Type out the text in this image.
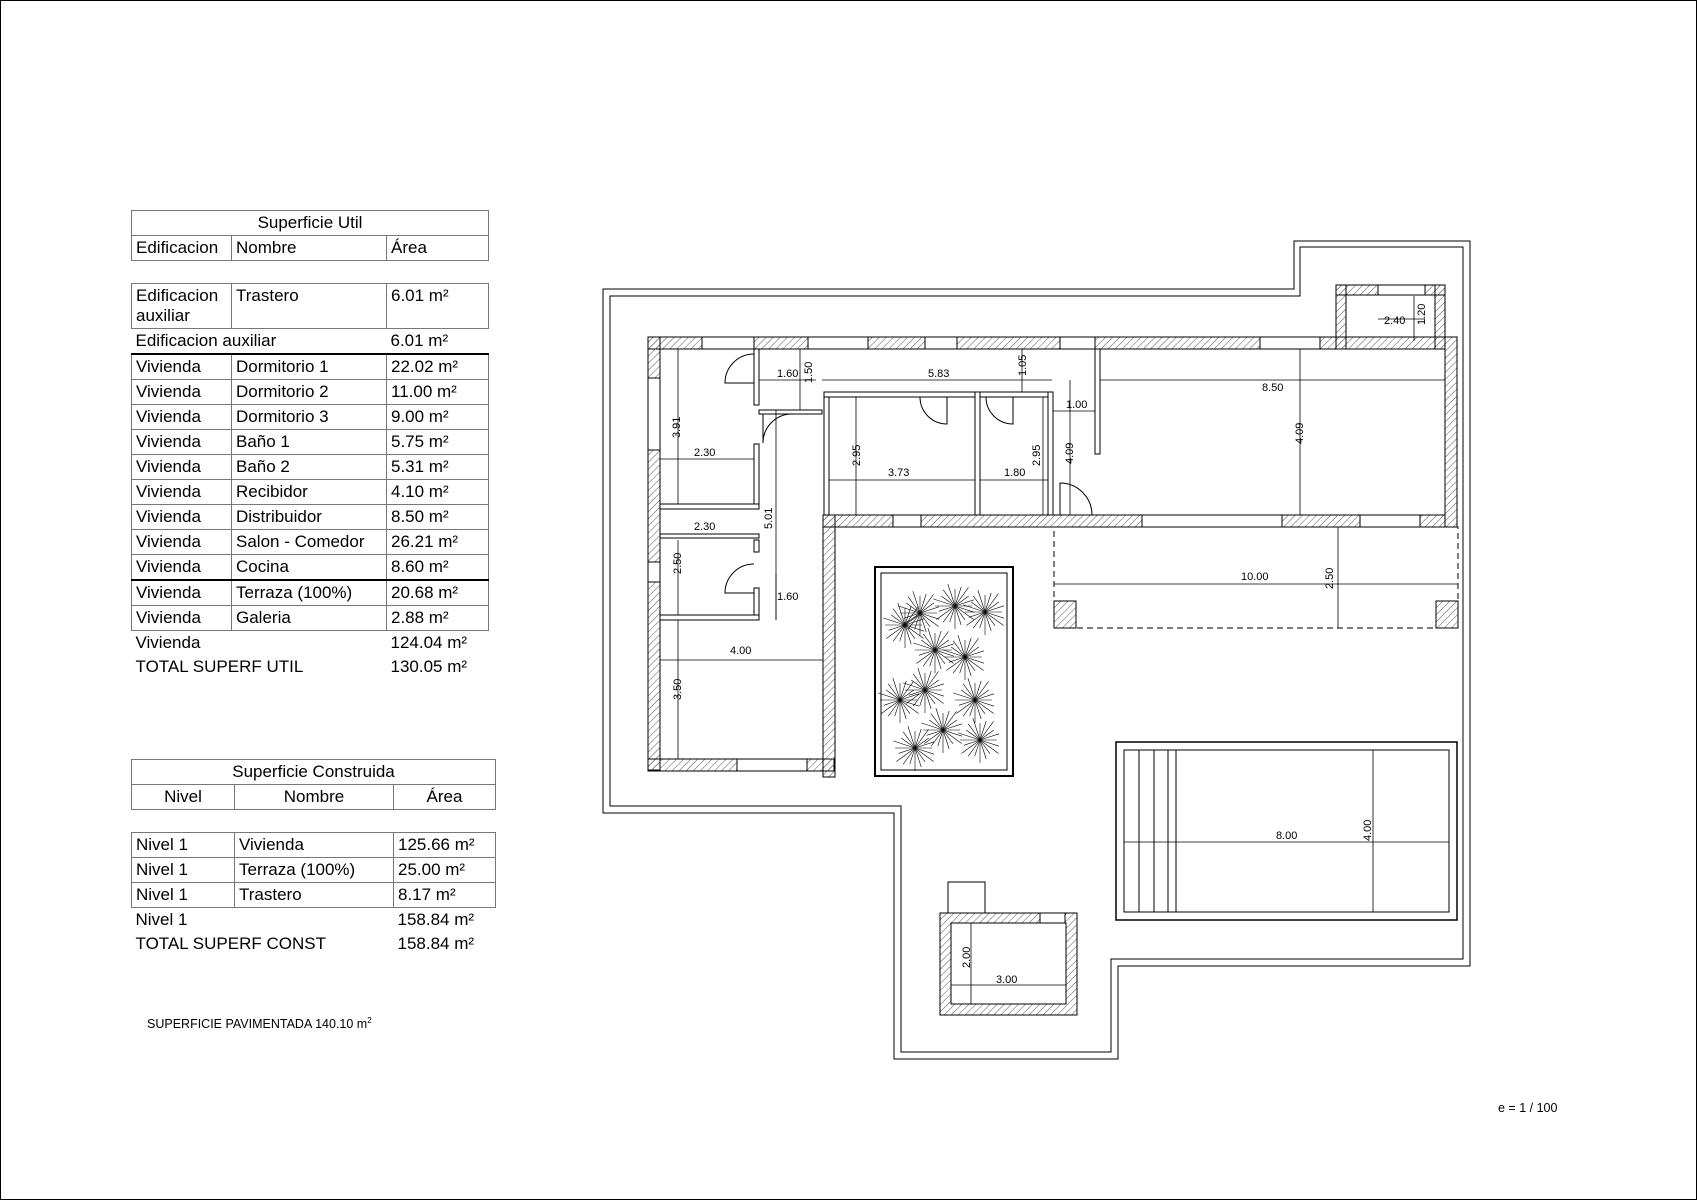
Superficie Util		
Edificacion	Nombre	Área

Edificacion auxiliar	Trastero	6.01 m²
Edificacion auxiliar		6.01 m²
Vivienda	Dormitorio 1	22.02 m²
Vivienda	Dormitorio 2	11.00 m²
Vivienda	Dormitorio 3	9.00 m²
Vivienda	Baño 1	5.75 m²
Vivienda	Baño 2	5.31 m²
Vivienda	Recibidor	4.10 m²
Vivienda	Distribuidor	8.50 m²
Vivienda	Salon - Comedor	26.21 m²
Vivienda	Cocina	8.60 m²
Vivienda	Terraza (100%)	20.68 m²
Vivienda	Galeria	2.88 m²
Vivienda		124.04 m²
TOTAL SUPERF UTIL		130.05 m²
Superficie Construida		
Nivel	Nombre	Área

Nivel 1	Vivienda	125.66 m²
Nivel 1	Terraza (100%)	25.00 m²
Nivel 1	Trastero	8.17 m²
Nivel 1		158.84 m²
TOTAL SUPERF CONST		158.84 m²
SUPERFICIE PAVIMENTADA 140.10 $m^2$
e = 1 / 100
2.40 1.20
1.60 1.50	5.83	1.05
1.00
8.50
3.91
2.30	2.95
3.73	1.80
2.95 4.09
4.09
5.01
2.30
2.50
1.60
10.00	2.50
4.00
3.50
8.00	4.00
2.00
3.00
